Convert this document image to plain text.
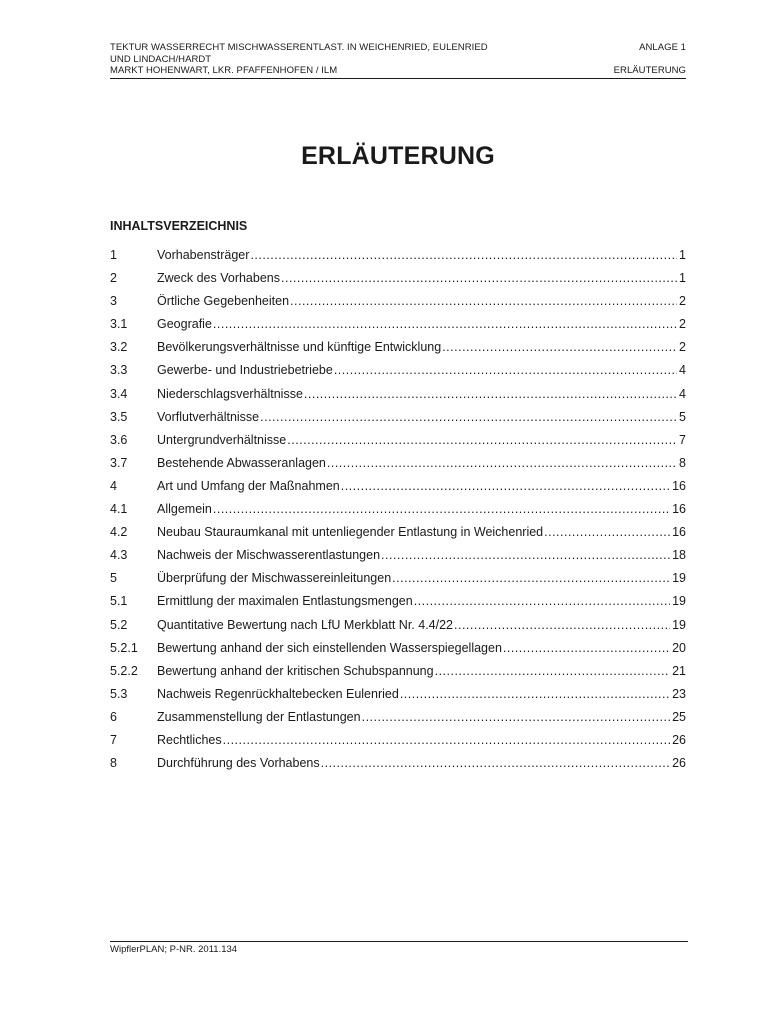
TEKTUR WASSERRECHT MISCHWASSERENTLAST. IN WEICHENRIED, EULENRIED
UND LINDACH/HARDT
ANLAGE 1
MARKT HOHENWART, LKR. PFAFFENHOFEN / ILM	ERLÄUTERUNG
ERLÄUTERUNG
INHALTSVERZEICHNIS
1	Vorhabensträger .....	1
2	Zweck des Vorhabens .....	1
3	Örtliche Gegebenheiten .....	2
3.1	Geografie .....	2
3.2	Bevölkerungsverhältnisse und künftige Entwicklung .....	2
3.3	Gewerbe- und Industriebetriebe .....	4
3.4	Niederschlagsverhältnisse .....	4
3.5	Vorflutverhältnisse .....	5
3.6	Untergrundverhältnisse .....	7
3.7	Bestehende Abwasseranlagen .....	8
4	Art und Umfang der Maßnahmen .....	16
4.1	Allgemein .....	16
4.2	Neubau Stauraumkanal mit untenliegender Entlastung in Weichenried .....	16
4.3	Nachweis der Mischwasserentlastungen .....	18
5	Überprüfung der Mischwassereinleitungen .....	19
5.1	Ermittlung der maximalen Entlastungsmengen .....	19
5.2	Quantitative Bewertung nach LfU Merkblatt Nr. 4.4/22 .....	19
5.2.1	Bewertung anhand der sich einstellenden Wasserspiegellagen .....	20
5.2.2	Bewertung anhand der kritischen Schubspannung .....	21
5.3	Nachweis Regenrückhaltebecken Eulenried .....	23
6	Zusammenstellung der Entlastungen .....	25
7	Rechtliches .....	26
8	Durchführung des Vorhabens .....	26
WipflerPLAN; P-NR. 2011.134
